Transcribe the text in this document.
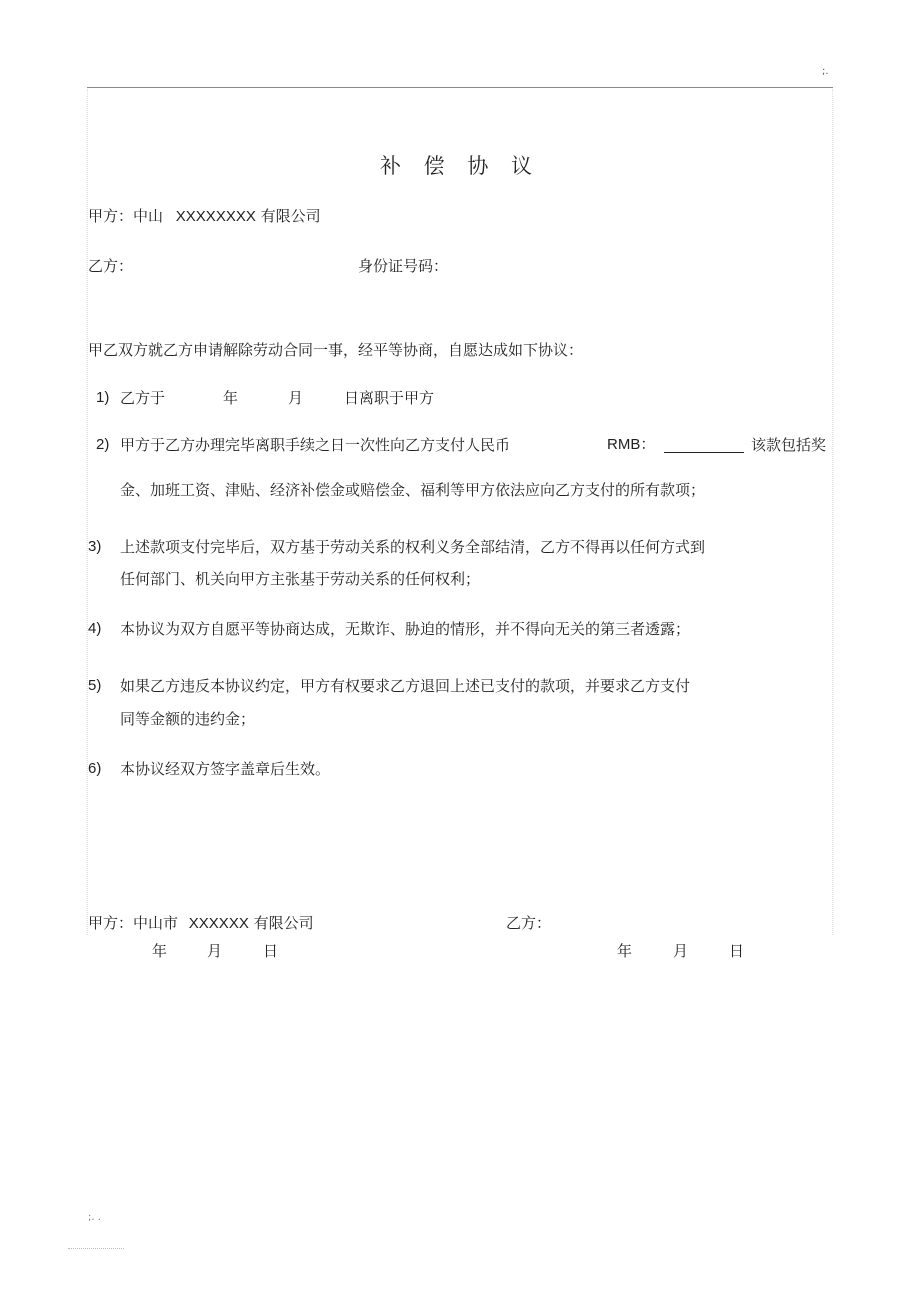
;.
补 偿 协 议
甲方：中山 XXXXXXXX 有限公司
乙方：	身份证号码：
甲乙双方就乙方申请解除劳动合同一事，经平等协商，自愿达成如下协议：
1) 乙方于	年	月	日离职于甲方
2) 甲方于乙方办理完毕离职手续之日一次性向乙方支付人民币	RMB：	该款包括奖
金、加班工资、津贴、经济补偿金或赔偿金、福利等甲方依法应向乙方支付的所有款项；
3) 上述款项支付完毕后，双方基于劳动关系的权利义务全部结清，乙方不得再以任何方式到
任何部门、机关向甲方主张基于劳动关系的任何权利；
4) 本协议为双方自愿平等协商达成，无欺诈、胁迫的情形，并不得向无关的第三者透露；
5) 如果乙方违反本协议约定，甲方有权要求乙方退回上述已支付的款项，并要求乙方支付
同等金额的违约金；
6) 本协议经双方签字盖章后生效。
甲方：中山市 XXXXXX 有限公司	乙方：
年	月	日	年	月	日
;. .
